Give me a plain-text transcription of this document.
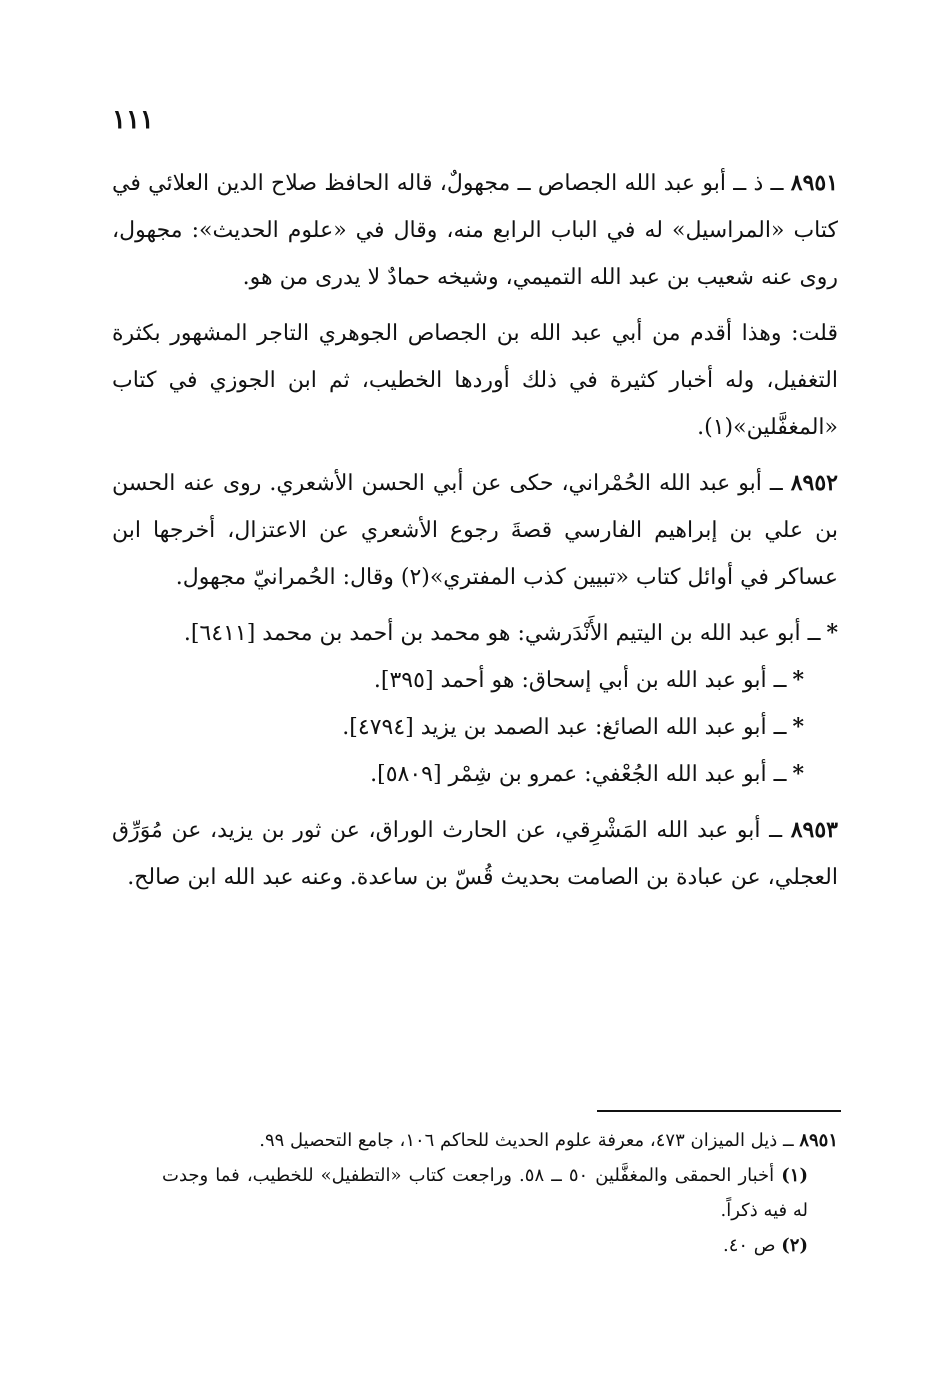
١١١

٨٩٥١ ــ ذ ــ أبو عبد الله الجصاص ــ مجهولٌ، قاله الحافظ صلاح الدين العلائي في كتاب «المراسيل» له في الباب الرابع منه، وقال في «علوم الحديث»: مجهول، روى عنه شعيب بن عبد الله التميمي، وشيخه حمادٌ لا يدرى من هو.

قلت: وهذا أقدم من أبي عبد الله بن الجصاص الجوهري التاجر المشهور بكثرة التغفيل، وله أخبار كثيرة في ذلك أوردها الخطيب، ثم ابن الجوزي في كتاب «المغفَّلين»(١).

٨٩٥٢ ــ أبو عبد الله الحُمْراني، حكى عن أبي الحسن الأشعري. روى عنه الحسن بن علي بن إبراهيم الفارسي قصةَ رجوع الأشعري عن الاعتزال، أخرجها ابن عساكر في أوائل كتاب «تبيين كذب المفتري»(٢) وقال: الحُمرانيّ مجهول.

*ــ أبو عبد الله بن اليتيم الأَنْدَرشي: هو محمد بن أحمد بن محمد [٦٤١١].

*ــ أبو عبد الله بن أبي إسحاق: هو أحمد [٣٩٥].

*ــ أبو عبد الله الصائغ: عبد الصمد بن يزيد [٤٧٩٤].

*ــ أبو عبد الله الجُعْفي: عمرو بن شِمْر [٥٨٠٩].

٨٩٥٣ ــ أبو عبد الله المَشْرِقي، عن الحارث الوراق، عن ثور بن يزيد، عن مُوَرِّق العجلي، عن عبادة بن الصامت بحديث قُسّ بن ساعدة. وعنه عبد الله ابن صالح.

٨٩٥١ ــ ذيل الميزان ٤٧٣، معرفة علوم الحديث للحاكم ١٠٦، جامع التحصيل ٩٩.

(١) أخبار الحمقى والمغفَّلين ٥٠ ــ ٥٨. وراجعت كتاب «التطفيل» للخطيب، فما وجدت له فيه ذكراً.

(٢) ص ٤٠.
